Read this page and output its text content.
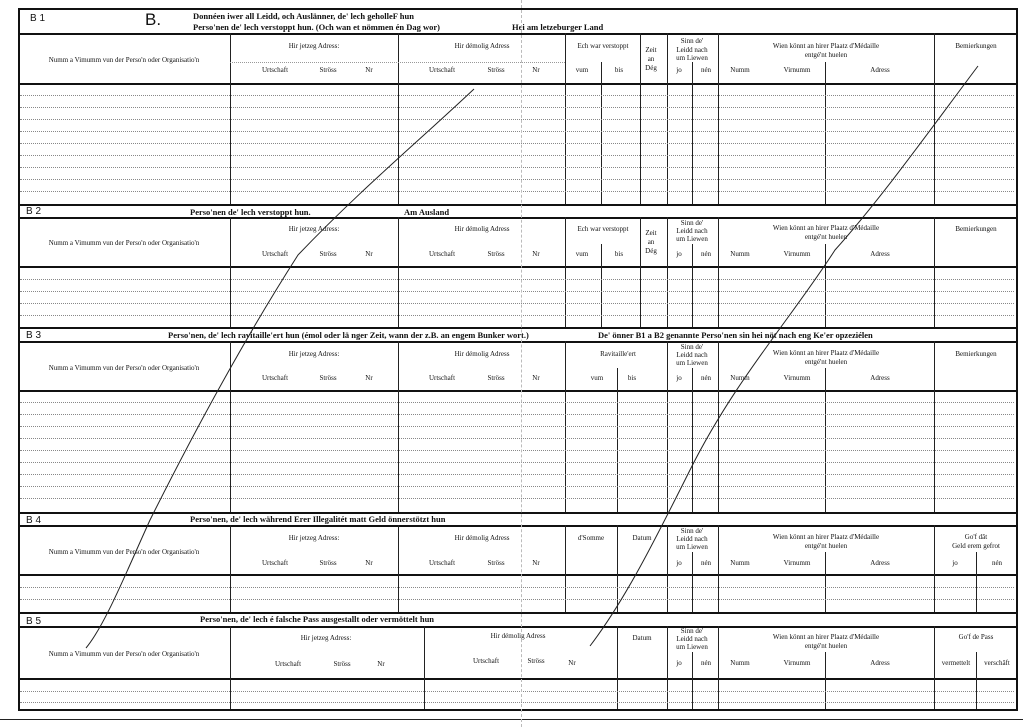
B 1	B.	Donnéen iwer all Leidd, och Auslänner, de' lech geholleF hun
Perso'nen de' lech verstoppt hun. (Och wan et nömmen én Dag wor)	Hei am letzeburger Land
Numm a Vimumm vun der Perso'n oder Organisatio'n
Hir jetzeg Adress:
Urtschaft	Ströss	Nr
Hir démolig Adress
Urtschaft	Ströss	Nr
Ech war verstoppt
vum	bis
Zeit
an
Dég
Sinn de'
Leidd nach
um Liewen
jo	nén
Wien könnt an hirer Plaatz d'Médaille
entgé'nt huelen
Numm	Virnumm	Adress
Bemierkungen
B 2	Perso'nen de' lech verstoppt hun.	Am Ausland
Numm a Vimumm vun der Perso'n oder Organisatio'n
Hir jetzeg Adress:
Urtschaft	Ströss	Nr
Hir démolig Adress
Urtschaft	Ströss	Nr
Ech war verstoppt
vum	bis
Zeit
an
Dég
Sinn de'
Leidd nach
um Liewen
jo	nén
Wien könnt an hirer Plaatz d'Médaille
entgé'nt huelen
Numm	Virnumm	Adress
Bemierkungen
B 3	Perso'nen, de' lech ravitaille'ert hun (émol oder lä nger Zeit, wann der z.B. an engem Bunker wort.)	De' önner B1 a B2 genannte Perso'nen sin hei nöt nach eng Ke'er opzeziélen
Numm a Vimumm vun der Perso'n oder Organisatio'n
Hir jetzeg Adress:
Urtschaft	Ströss	Nr
Hir démolig Adress
Urtschaft	Ströss	Nr
Ravitaille'ert
vum	bis
Sinn de'
Leidd nach
um Liewen
jo	nén
Wien könnt an hirer Plaatz d'Médaille
entgé'nt huelen
Numm	Virnumm	Adress
Bemierkungen
B 4	Perso'nen, de' lech während Erer Illegalitét matt Geld önnerstötzt hun
Numm a Vimumm vun der Perso'n oder Organisatio'n
Hir jetzeg Adress:
Urtschaft	Ströss	Nr
Hir démolig Adress
Urtschaft	Ströss	Nr
d'Somme	Datum
Sinn de'
Leidd nach
um Liewen
jo	nén
Wien könnt an hirer Plaatz d'Médaille
entgé'nt huelen
Numm	Virnumm	Adress
Go'f dât
Geld erem gefrot
jo	nén
B 5	Perso'nen, de' lech é falsche Pass ausgestallt oder vermöttelt hun
Numm a Vimumm vun der Perso'n oder Organisatio'n
Hir jetzeg Adress:
Urtschaft	Ströss	Nr
Hir démolig Adress
Urtschaft	Ströss	Nr
Datum
Sinn de'
Leidd nach
um Liewen
jo	nén
Wien könnt an hirer Plaatz d'Médaille
entgé'nt huelen
Numm	Virnumm	Adress
Go'f de Pass
vermettelt verschâft
